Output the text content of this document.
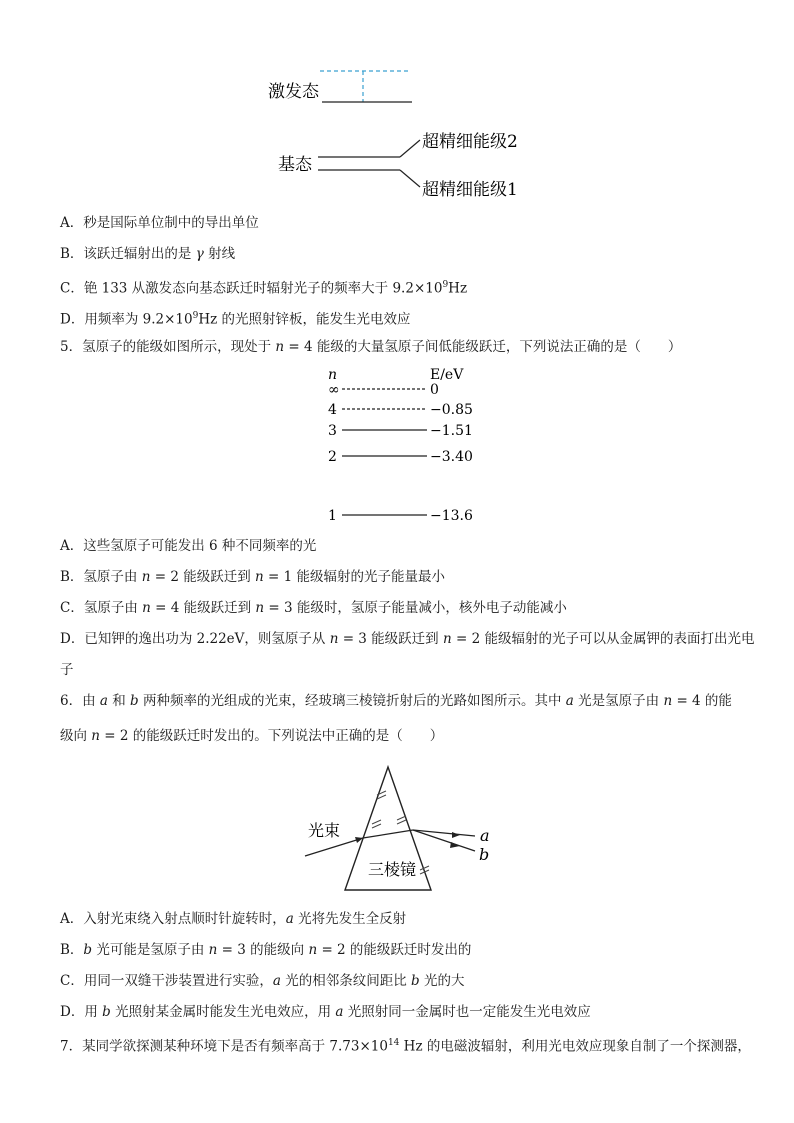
激发态
基态
超精细能级2
超精细能级1
A．秒是国际单位制中的导出单位
B．该跃迁辐射出的是 γ 射线
C．铯 133 从激发态向基态跃迁时辐射光子的频率大于 $9.2\times 10^9Hz$
D．用频率为 $9.2\times 10^9Hz$ 的光照射锌板，能发生光电效应
5．氢原子的能级如图所示，现处于 n = 4 能级的大量氢原子间低能级跃迁，下列说法正确的是（　　）
n	E/eV
∞	0
4	−0.85
3	−1.51
2	−3.40
1	−13.6
A．这些氢原子可能发出 6 种不同频率的光
B．氢原子由 n = 2 能级跃迁到 n = 1 能级辐射的光子能量最小
C．氢原子由 n = 4 能级跃迁到 n = 3 能级时，氢原子能量减小，核外电子动能减小
D．已知钾的逸出功为 2.22eV，则氢原子从 n = 3 能级跃迁到 n = 2 能级辐射的光子可以从金属钾的表面打出光电
子
6．由 a 和 b 两种频率的光组成的光束，经玻璃三棱镜折射后的光路如图所示。其中 a 光是氢原子由 n = 4 的能
级向 n = 2 的能级跃迁时发出的。下列说法中正确的是（　　）
光束
三棱镜
a
b
A．入射光束绕入射点顺时针旋转时，a 光将先发生全反射
B．b 光可能是氢原子由 n = 3 的能级向 n = 2 的能级跃迁时发出的
C．用同一双缝干涉装置进行实验，a 光的相邻条纹间距比 b 光的大
D．用 b 光照射某金属时能发生光电效应，用 a 光照射同一金属时也一定能发生光电效应
7．某同学欲探测某种环境下是否有频率高于 $7.73\times 10^{14}$ Hz 的电磁波辐射，利用光电效应现象自制了一个探测器，
